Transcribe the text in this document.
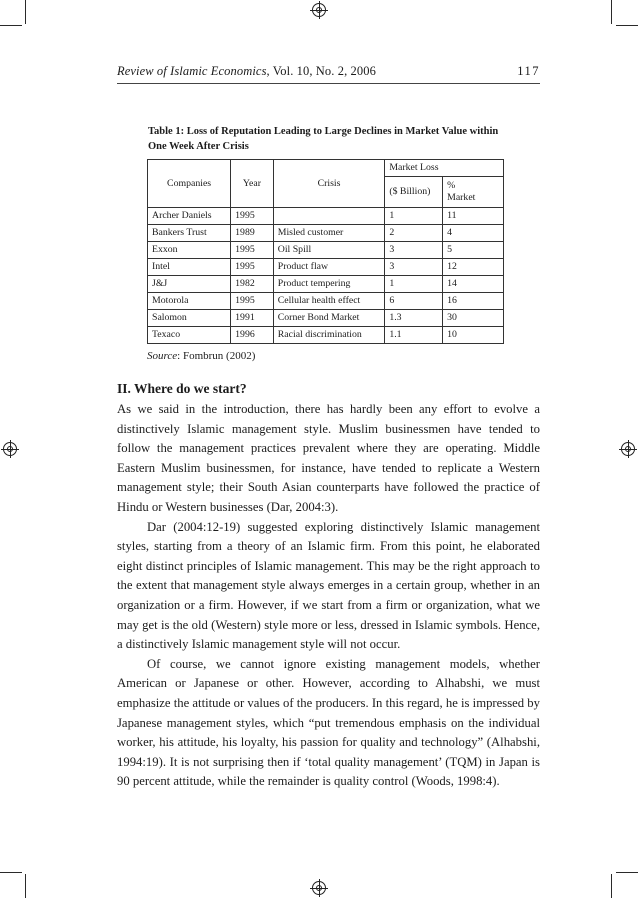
Review of Islamic Economics, Vol. 10, No. 2, 2006	117
Table 1: Loss of Reputation Leading to Large Declines in Market Value within
One Week After Crisis
Companies	Year	Crisis	Market Loss	
			($ Billion)	%
Market

Archer Daniels	1995		1	11
Bankers Trust	1989	Misled customer	2	4
Exxon	1995	Oil Spill	3	5
Intel	1995	Product flaw	3	12
J&J	1982	Product tempering	1	14
Motorola	1995	Cellular health effect	6	16
Salomon	1991	Corner Bond Market	1.3	30
Texaco	1996	Racial discrimination	1.1	10
Source: Fombrun (2002)
II. Where do we start?

As we said in the introduction, there has hardly been any effort to evolve a distinctively Islamic management style. Muslim businessmen have tended to follow the management practices prevalent where they are operating. Middle Eastern Muslim businessmen, for instance, have tended to replicate a Western management style; their South Asian counterparts have followed the practice of Hindu or Western businesses (Dar, 2004:3).

Dar (2004:12-19) suggested exploring distinctively Islamic management styles, starting from a theory of an Islamic firm. From this point, he elaborated eight distinct principles of Islamic management. This may be the right approach to the extent that management style always emerges in a certain group, whether in an organization or a firm. However, if we start from a firm or organization, what we may get is the old (Western) style more or less, dressed in Islamic symbols. Hence, a distinctively Islamic management style will not occur.

Of course, we cannot ignore existing management models, whether American or Japanese or other. However, according to Alhabshi, we must emphasize the attitude or values of the producers. In this regard, he is impressed by Japanese management styles, which “put tremendous emphasis on the individual worker, his attitude, his loyalty, his passion for quality and technology” (Alhabshi, 1994:19). It is not surprising then if ‘total quality management’ (TQM) in Japan is 90 percent attitude, while the remainder is quality control (Woods, 1998:4).
